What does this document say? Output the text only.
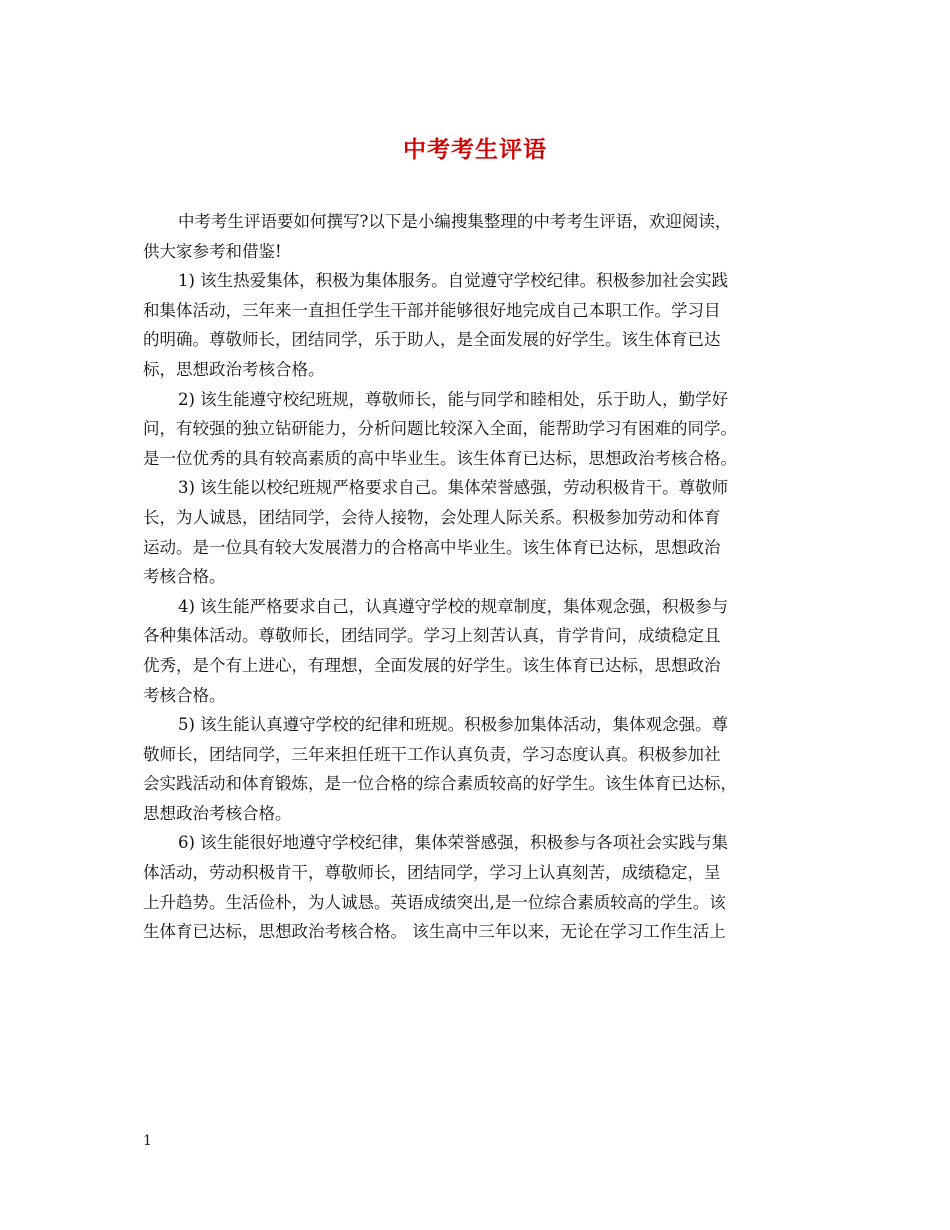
中考考生评语
中考考生评语要如何撰写?以下是小编搜集整理的中考考生评语，欢迎阅读，
供大家参考和借鉴!
1) 该生热爱集体，积极为集体服务。自觉遵守学校纪律。积极参加社会实践
和集体活动，三年来一直担任学生干部并能够很好地完成自己本职工作。学习目
的明确。尊敬师长，团结同学，乐于助人，是全面发展的好学生。该生体育已达
标，思想政治考核合格。
2) 该生能遵守校纪班规，尊敬师长，能与同学和睦相处，乐于助人，勤学好
问，有较强的独立钻研能力，分析问题比较深入全面，能帮助学习有困难的同学。
是一位优秀的具有较高素质的高中毕业生。该生体育已达标，思想政治考核合格。
3) 该生能以校纪班规严格要求自己。集体荣誉感强，劳动积极肯干。尊敬师
长，为人诚恳，团结同学，会待人接物，会处理人际关系。积极参加劳动和体育
运动。是一位具有较大发展潜力的合格高中毕业生。该生体育已达标，思想政治
考核合格。
4) 该生能严格要求自己，认真遵守学校的规章制度，集体观念强，积极参与
各种集体活动。尊敬师长，团结同学。学习上刻苦认真，肯学肯问，成绩稳定且
优秀，是个有上进心，有理想，全面发展的好学生。该生体育已达标，思想政治
考核合格。
5) 该生能认真遵守学校的纪律和班规。积极参加集体活动，集体观念强。尊
敬师长，团结同学，三年来担任班干工作认真负责，学习态度认真。积极参加社
会实践活动和体育锻炼，是一位合格的综合素质较高的好学生。该生体育已达标，
思想政治考核合格。
6) 该生能很好地遵守学校纪律，集体荣誉感强，积极参与各项社会实践与集
体活动，劳动积极肯干，尊敬师长，团结同学，学习上认真刻苦，成绩稳定，呈
上升趋势。生活俭朴，为人诚恳。英语成绩突出,是一位综合素质较高的学生。该
生体育已达标，思想政治考核合格。 该生高中三年以来，无论在学习工作生活上
1
